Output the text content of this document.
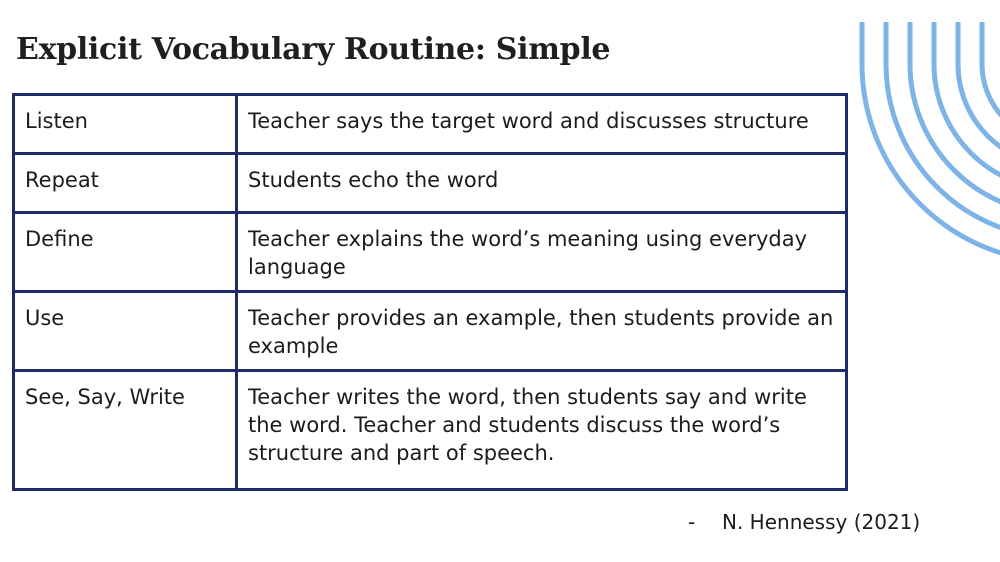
Explicit Vocabulary Routine: Simple
Listen	Teacher says the target word and discusses structure
Repeat	Students echo the word
Define	Teacher explains the word’s meaning using everyday language
Use	Teacher provides an example, then students provide an example
See, Say, Write	Teacher writes the word, then students say and write the word. Teacher and students discuss the word’s structure and part of speech.
- N. Hennessy (2021)
